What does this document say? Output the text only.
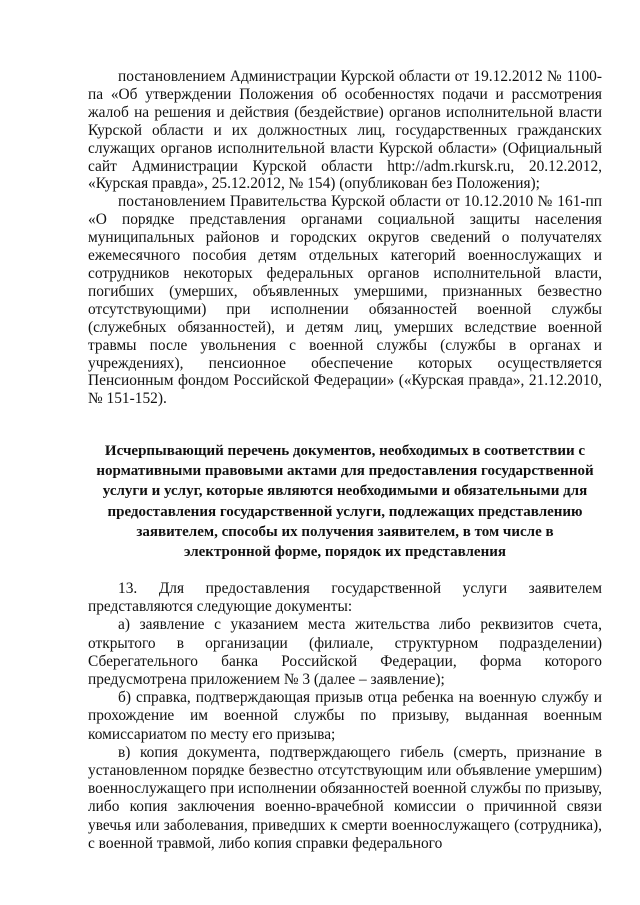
постановлением Администрации Курской области от 19.12.2012 № 1100-па «Об утверждении Положения об особенностях подачи и рассмотрения жалоб на решения и действия (бездействие) органов исполнительной власти Курской области и их должностных лиц, государственных гражданских служащих органов исполнительной власти Курской области» (Официальный сайт Администрации Курской области http://adm.rkursk.ru, 20.12.2012, «Курская правда», 25.12.2012, № 154) (опубликован без Положения);

постановлением Правительства Курской области от 10.12.2010 № 161-пп «О порядке представления органами социальной защиты населения муниципальных районов и городских округов сведений о получателях ежемесячного пособия детям отдельных категорий военнослужащих и сотрудников некоторых федеральных органов исполнительной власти, погибших (умерших, объявленных умершими, признанных безвестно отсутствующими) при исполнении обязанностей военной службы (служебных обязанностей), и детям лиц, умерших вследствие военной травмы после увольнения с военной службы (службы в органах и учреждениях), пенсионное обеспечение которых осуществляется Пенсионным фондом Российской Федерации» («Курская правда», 21.12.2010, № 151-152).

Исчерпывающий перечень документов, необходимых в соответствии с нормативными правовыми актами для предоставления государственной услуги и услуг, которые являются необходимыми и обязательными для предоставления государственной услуги, подлежащих представлению заявителем, способы их получения заявителем, в том числе в электронной форме, порядок их представления

13. Для предоставления государственной услуги заявителем представляются следующие документы:

а) заявление с указанием места жительства либо реквизитов счета, открытого в организации (филиале, структурном подразделении) Сберегательного банка Российской Федерации, форма которого предусмотрена приложением № 3 (далее – заявление);

б) справка, подтверждающая призыв отца ребенка на военную службу и прохождение им военной службы по призыву, выданная военным комиссариатом по месту его призыва;

в) копия документа, подтверждающего гибель (смерть, признание в установленном порядке безвестно отсутствующим или объявление умершим) военнослужащего при исполнении обязанностей военной службы по призыву, либо копия заключения военно-врачебной комиссии о причинной связи увечья или заболевания, приведших к смерти военнослужащего (сотрудника), с военной травмой, либо копия справки федерального
